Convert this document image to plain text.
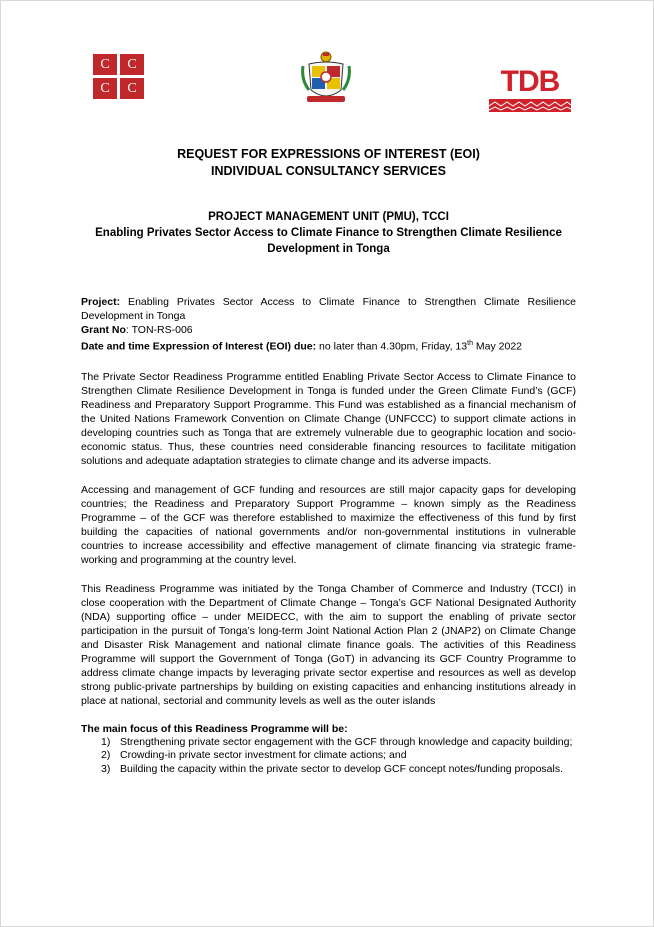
C	C
C	C	TDB
REQUEST FOR EXPRESSIONS OF INTEREST (EOI)
INDIVIDUAL CONSULTANCY SERVICES
PROJECT MANAGEMENT UNIT (PMU), TCCI
Enabling Privates Sector Access to Climate Finance to Strengthen Climate Resilience Development in Tonga
Project: Enabling Privates Sector Access to Climate Finance to Strengthen Climate Resilience Development in Tonga
Grant No: TON-RS-006
Date and time Expression of Interest (EOI) due: no later than 4.30pm, Friday, 13th May 2022
The Private Sector Readiness Programme entitled Enabling Private Sector Access to Climate Finance to Strengthen Climate Resilience Development in Tonga is funded under the Green Climate Fund’s (GCF) Readiness and Preparatory Support Programme. This Fund was established as a financial mechanism of the United Nations Framework Convention on Climate Change (UNFCCC) to support climate actions in developing countries such as Tonga that are extremely vulnerable due to geographic location and socio-economic status. Thus, these countries need considerable financing resources to facilitate mitigation solutions and adequate adaptation strategies to climate change and its adverse impacts.
Accessing and management of GCF funding and resources are still major capacity gaps for developing countries; the Readiness and Preparatory Support Programme – known simply as the Readiness Programme – of the GCF was therefore established to maximize the effectiveness of this fund by first building the capacities of national governments and/or non-governmental institutions in vulnerable countries to increase accessibility and effective management of climate financing via strategic frame-working and programming at the country level.
This Readiness Programme was initiated by the Tonga Chamber of Commerce and Industry (TCCI) in close cooperation with the Department of Climate Change – Tonga’s GCF National Designated Authority (NDA) supporting office – under MEIDECC, with the aim to support the enabling of private sector participation in the pursuit of Tonga’s long-term Joint National Action Plan 2 (JNAP2) on Climate Change and Disaster Risk Management and national climate finance goals. The activities of this Readiness Programme will support the Government of Tonga (GoT) in advancing its GCF Country Programme to address climate change impacts by leveraging private sector expertise and resources as well as develop strong public-private partnerships by building on existing capacities and enhancing institutions already in place at national, sectorial and community levels as well as the outer islands
The main focus of this Readiness Programme will be:
1) Strengthening private sector engagement with the GCF through knowledge and capacity building;
2) Crowding-in private sector investment for climate actions; and
3) Building the capacity within the private sector to develop GCF concept notes/funding proposals.
